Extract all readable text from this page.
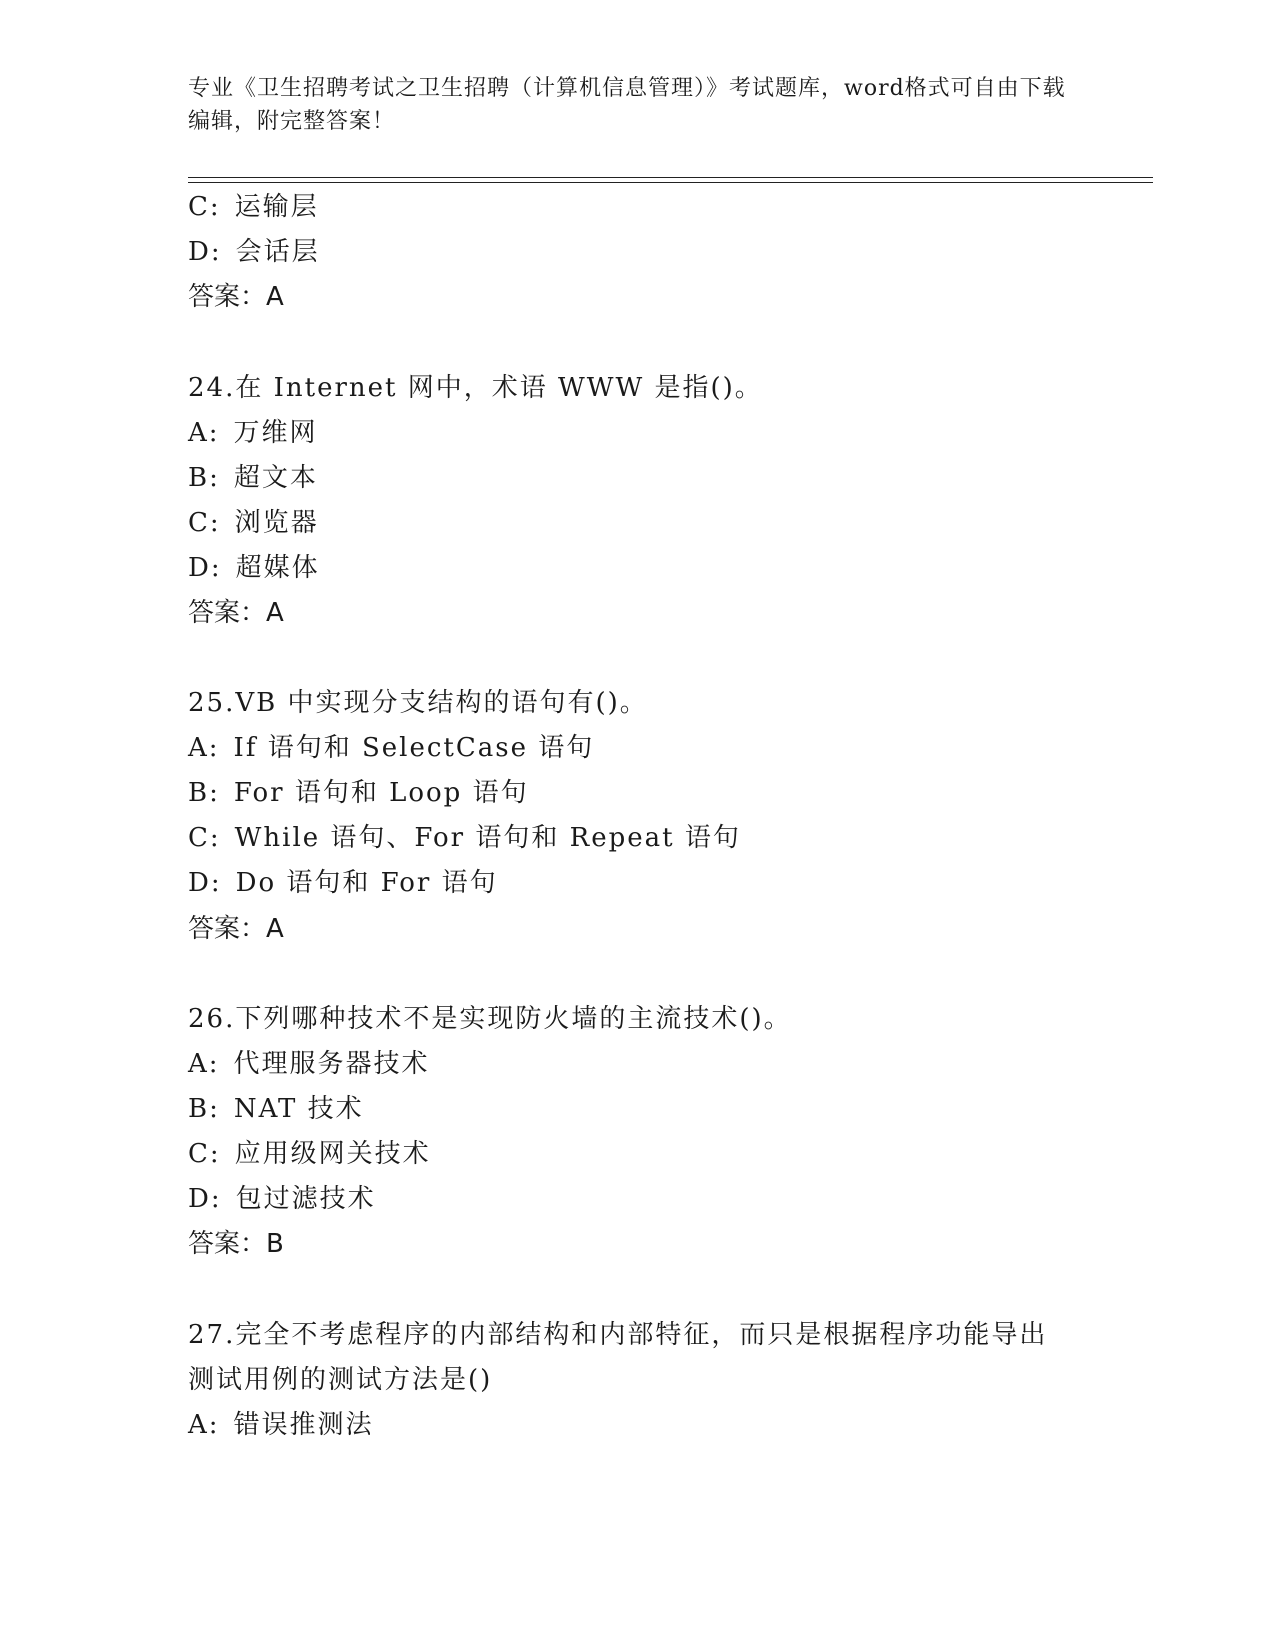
专业《卫生招聘考试之卫生招聘（计算机信息管理）》考试题库，word格式可自由下载编辑，附完整答案！
C: 运输层
D: 会话层
答案：A
24.在 Internet 网中，术语 WWW 是指()。
A: 万维网
B: 超文本
C: 浏览器
D: 超媒体
答案：A
25.VB 中实现分支结构的语句有()。
A: If 语句和 SelectCase 语句
B: For 语句和 Loop 语句
C: While 语句、For 语句和 Repeat 语句
D: Do 语句和 For 语句
答案：A
26.下列哪种技术不是实现防火墙的主流技术()。
A: 代理服务器技术
B: NAT 技术
C: 应用级网关技术
D: 包过滤技术
答案：B
27.完全不考虑程序的内部结构和内部特征，而只是根据程序功能导出
测试用例的测试方法是()
A: 错误推测法
